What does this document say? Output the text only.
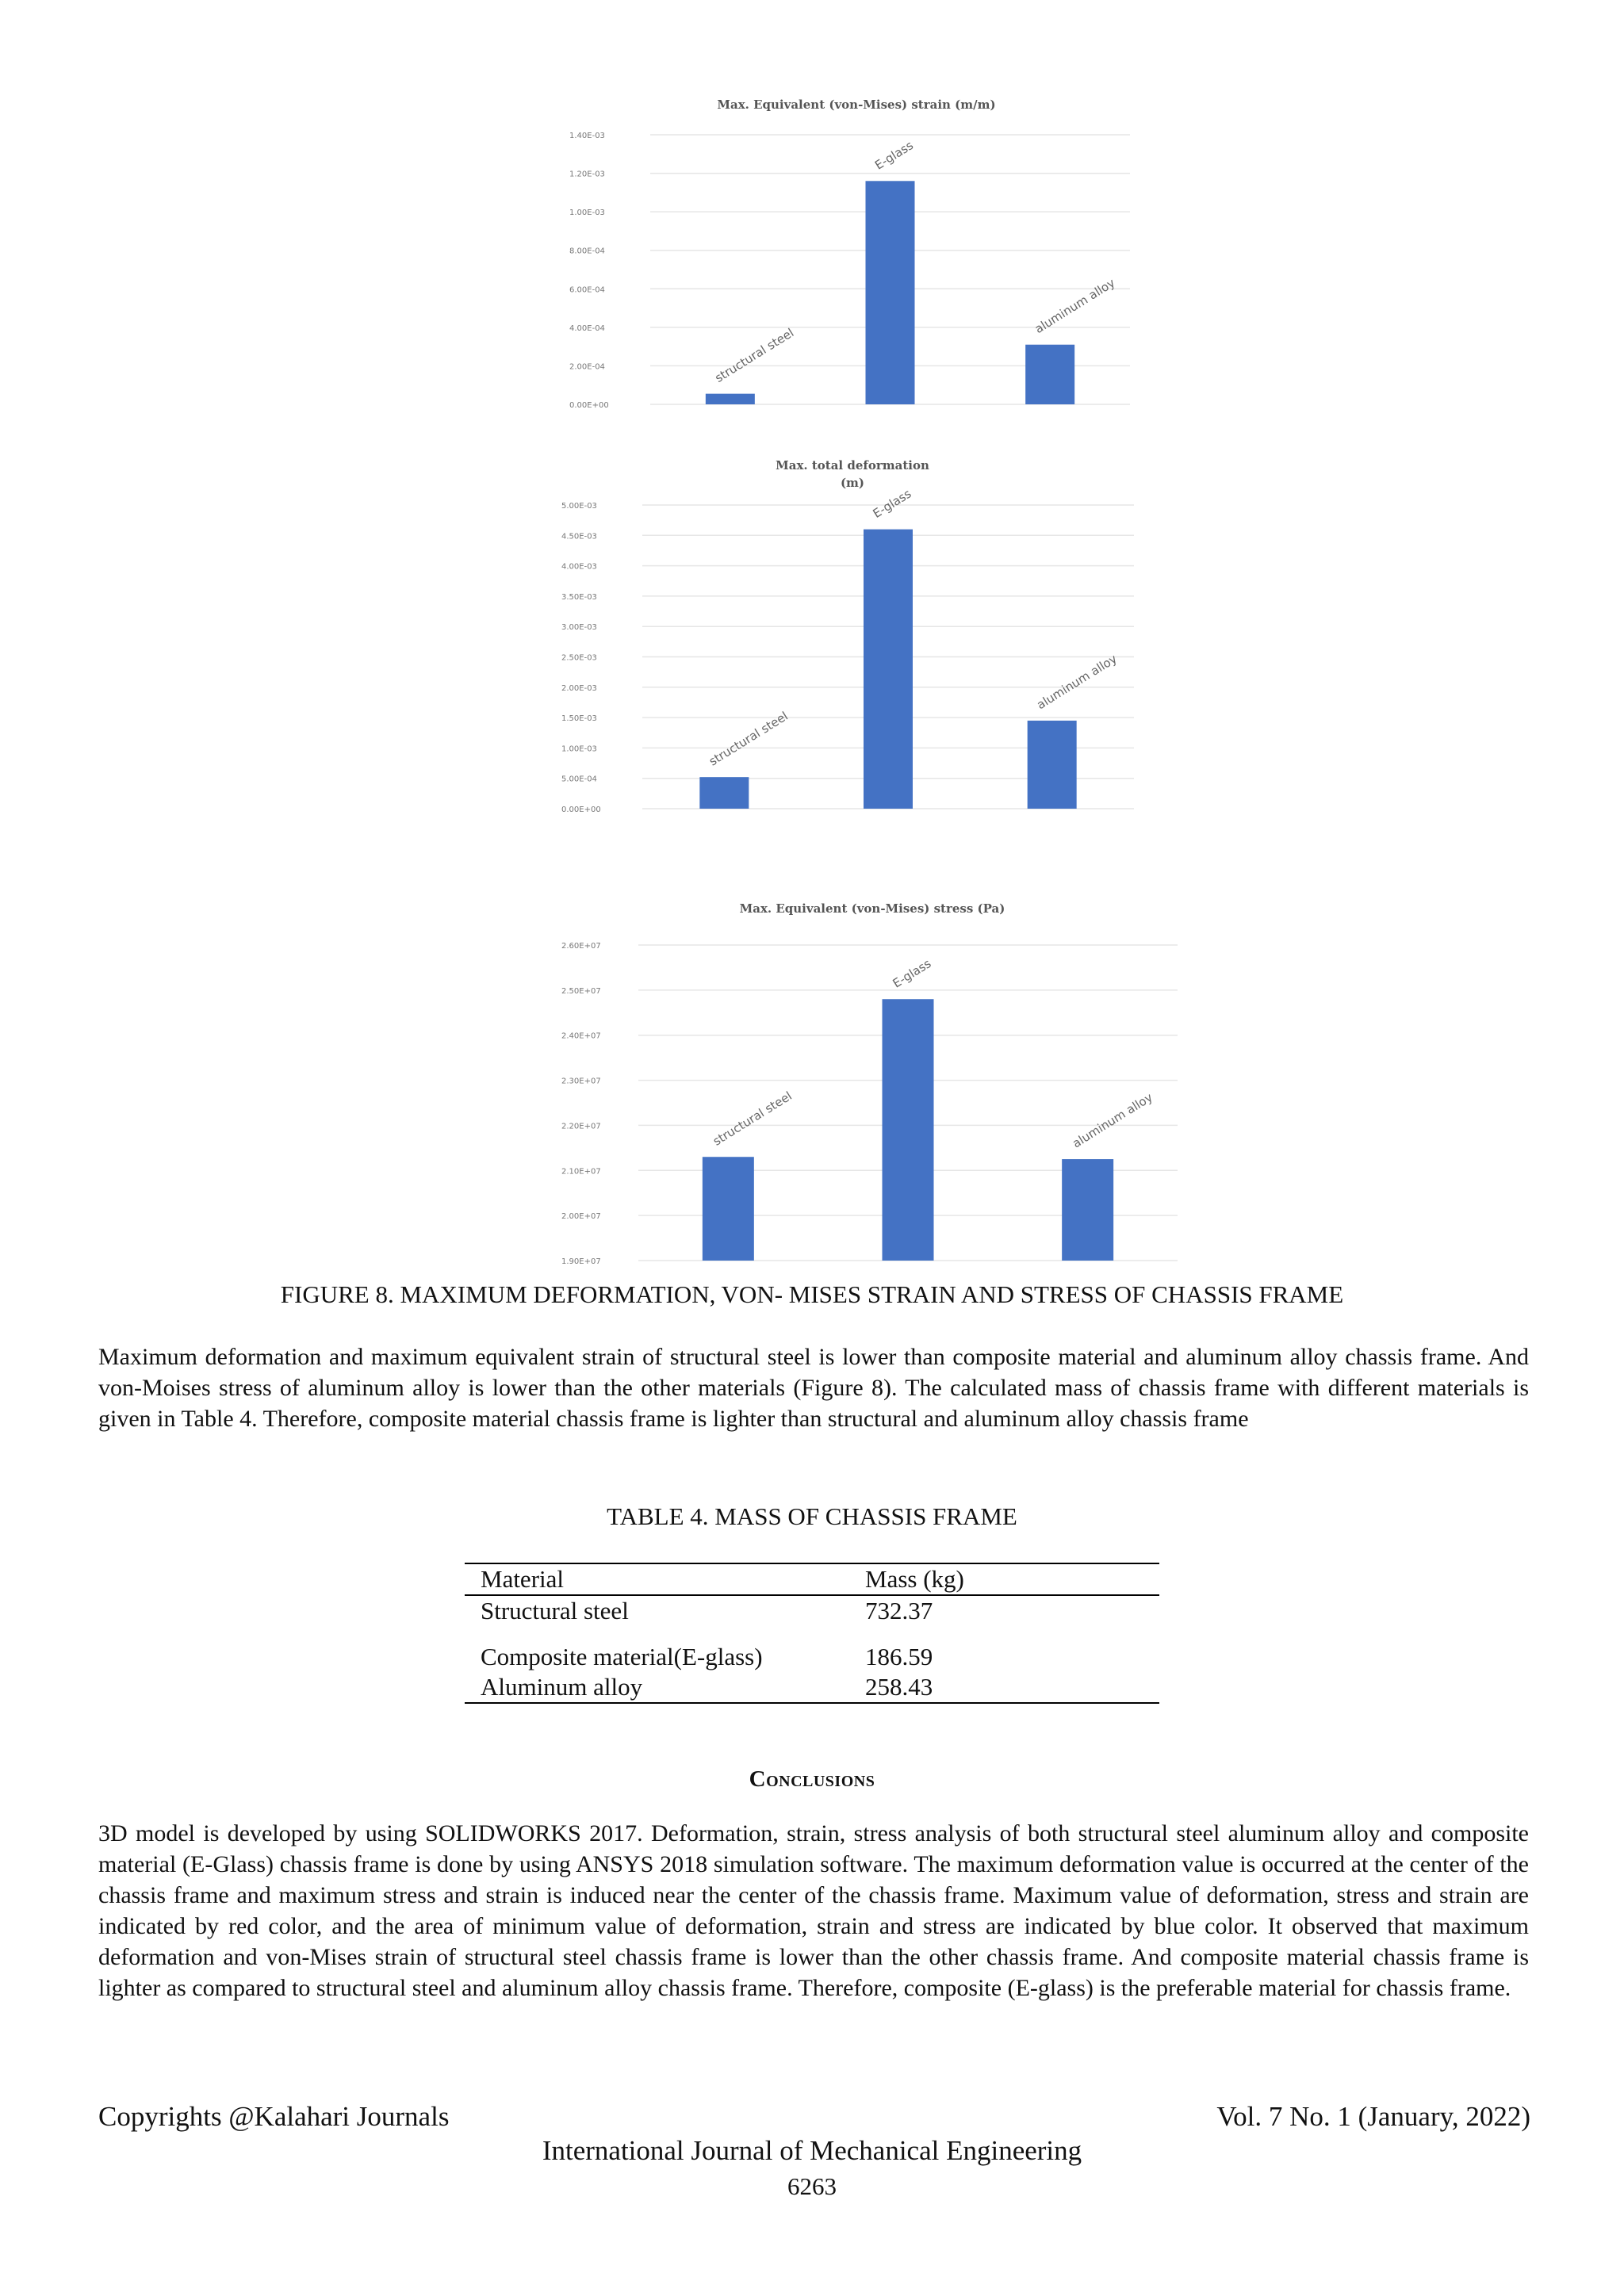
Max. Equivalent (von-Mises) strain (m/m)
1.40E-03
1.20E-03
1.00E-03
8.00E-04
6.00E-04
4.00E-04
2.00E-04
0.00E+00
structural steel
E-glass
aluminum alloy
Max. total deformation
(m)
5.00E-03
4.50E-03
4.00E-03
3.50E-03
3.00E-03
2.50E-03
2.00E-03
1.50E-03
1.00E-03
5.00E-04
0.00E+00
structural steel
E-glass
aluminum alloy
Max. Equivalent (von-Mises) stress (Pa)
2.60E+07
2.50E+07
2.40E+07
2.30E+07
2.20E+07
2.10E+07
2.00E+07
1.90E+07
structural steel
E-glass
aluminum alloy
FIGURE 8. MAXIMUM DEFORMATION, VON- MISES STRAIN AND STRESS OF CHASSIS FRAME

Maximum deformation and maximum equivalent strain of structural steel is lower than composite material and aluminum alloy chassis frame. And von-Moises stress of aluminum alloy is lower than the other materials (Figure 8). The calculated mass of chassis frame with different materials is given in Table 4. Therefore, composite material chassis frame is lighter than structural and aluminum alloy chassis frame

TABLE 4. MASS OF CHASSIS FRAME
Material	Mass (kg)
Structural steel	732.37
Composite material(E-glass)	186.59
Aluminum alloy	258.43
Conclusions

3D model is developed by using SOLIDWORKS 2017. Deformation, strain, stress analysis of both structural steel aluminum alloy and composite material (E-Glass) chassis frame is done by using ANSYS 2018 simulation software. The maximum deformation value is occurred at the center of the chassis frame and maximum stress and strain is induced near the center of the chassis frame. Maximum value of deformation, stress and strain are indicated by red color, and the area of minimum value of deformation, strain and stress are indicated by blue color. It observed that maximum deformation and von-Mises strain of structural steel chassis frame is lower than the other chassis frame. And composite material chassis frame is lighter as compared to structural steel and aluminum alloy chassis frame. Therefore, composite (E-glass) is the preferable material for chassis frame.

Copyrights @Kalahari Journals	Vol. 7 No. 1 (January, 2022)
International Journal of Mechanical Engineering
6263
